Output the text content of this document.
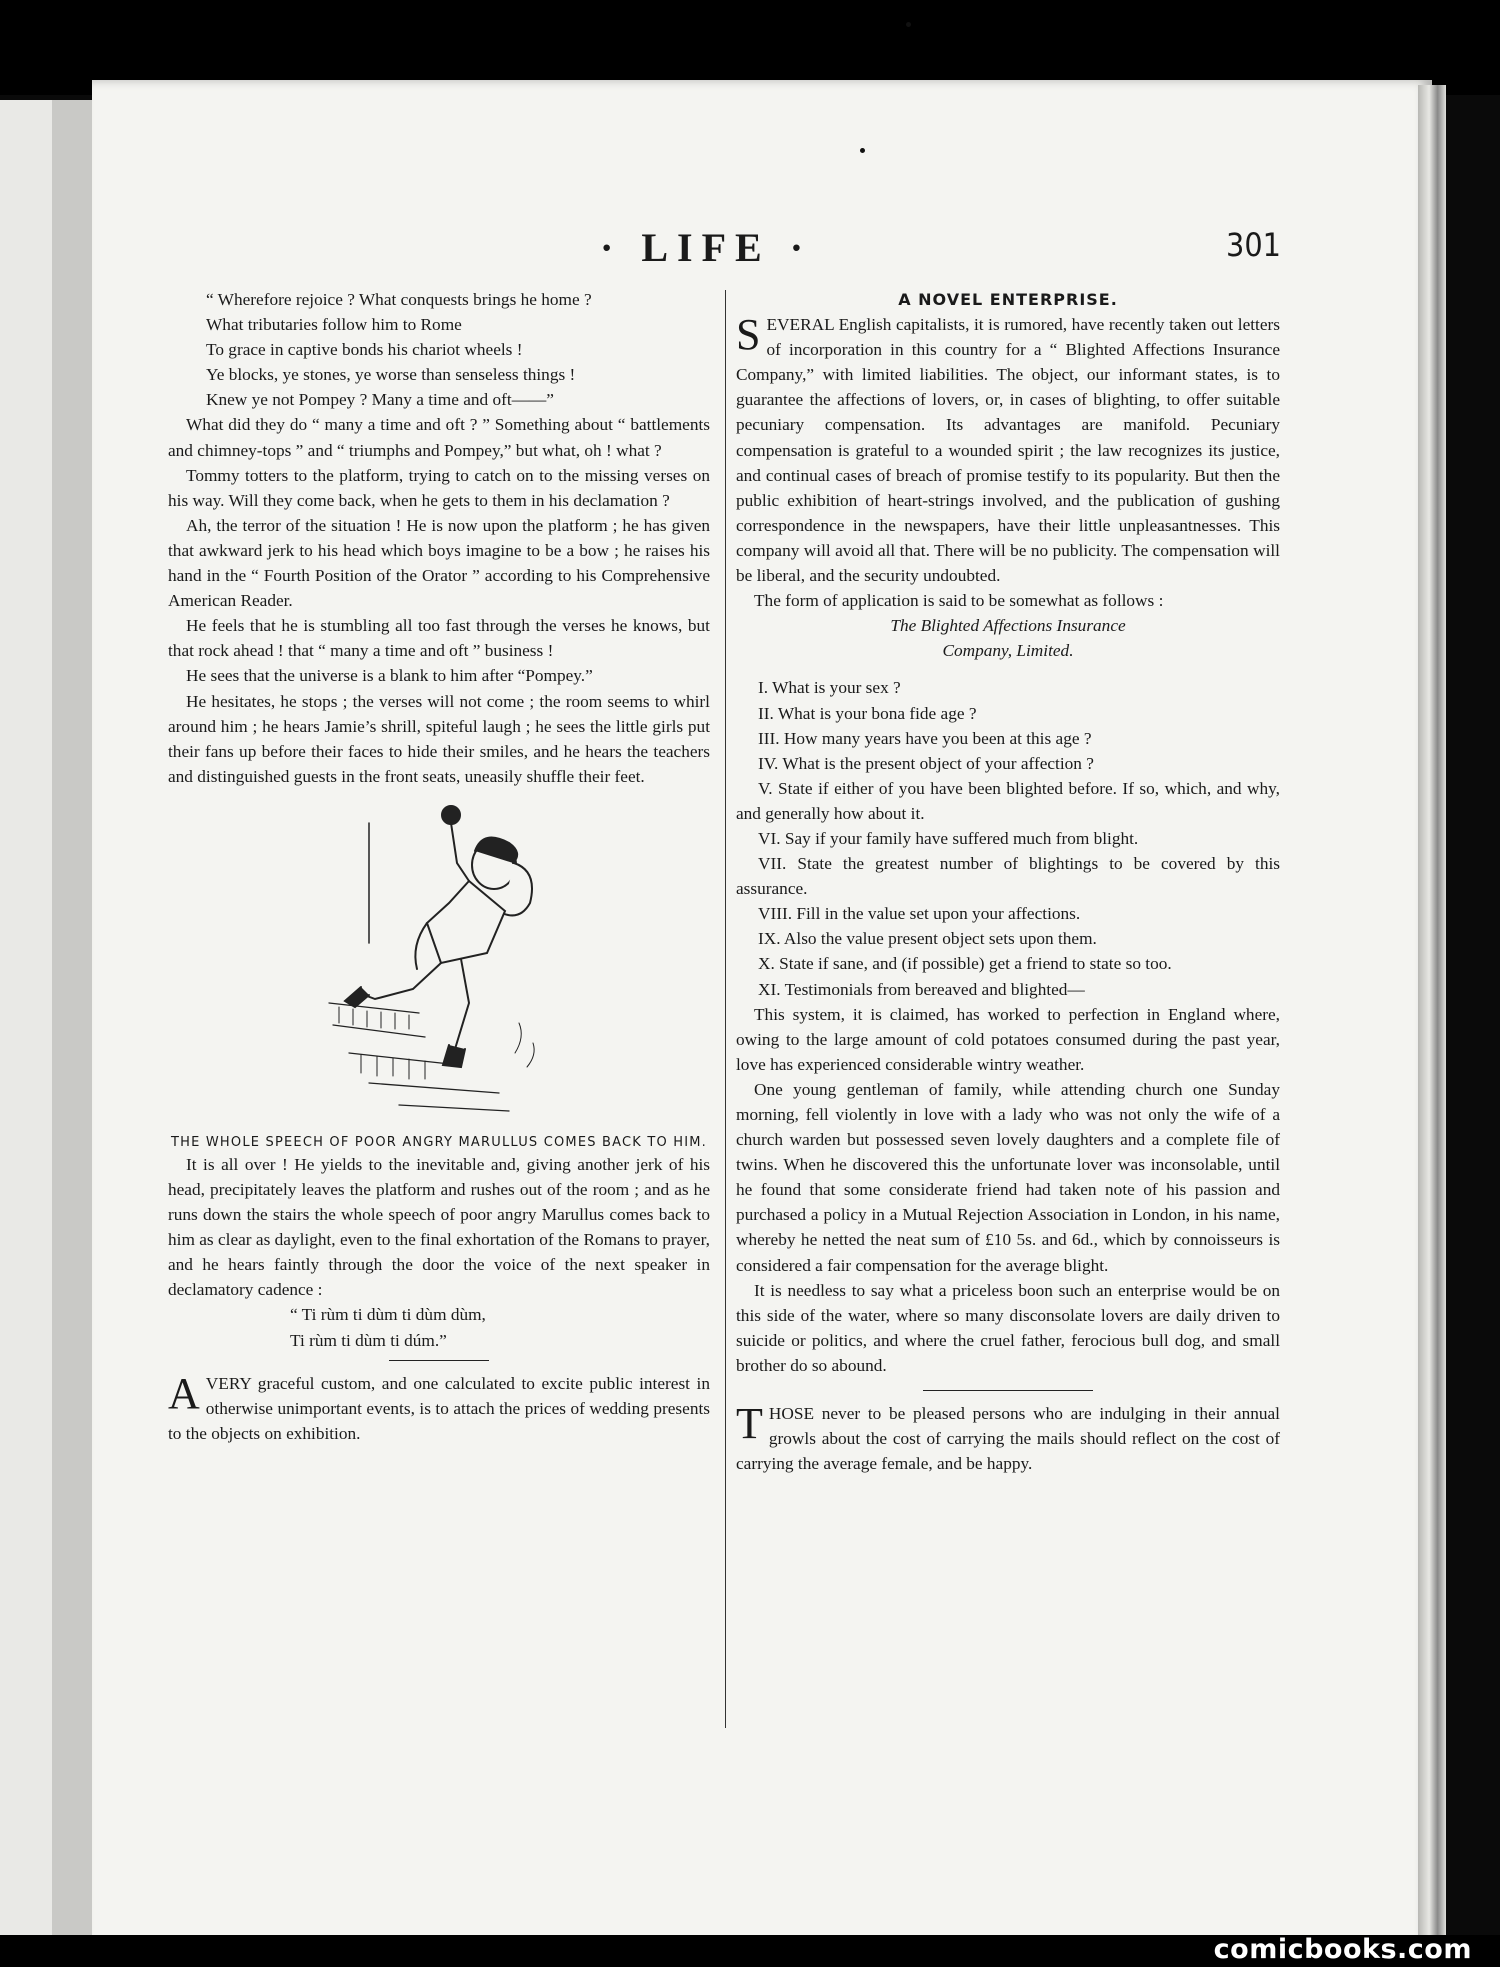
· LIFE ·	301

“ Wherefore rejoice ? What conquests brings he home ?

What tributaries follow him to Rome

To grace in captive bonds his chariot wheels !

Ye blocks, ye stones, ye worse than senseless things !

Knew ye not Pompey ? Many a time and oft——”

What did they do “ many a time and oft ? ” Something about “ battlements and chimney-tops ” and “ triumphs and Pompey,” but what, oh ! what ?

Tommy totters to the platform, trying to catch on to the missing verses on his way. Will they come back, when he gets to them in his declamation ?

Ah, the terror of the situation ! He is now upon the platform ; he has given that awkward jerk to his head which boys imagine to be a bow ; he raises his hand in the “ Fourth Position of the Orator ” according to his Comprehensive American Reader.

He feels that he is stumbling all too fast through the verses he knows, but that rock ahead ! that “ many a time and oft ” business !

He sees that the universe is a blank to him after “Pompey.”

He hesitates, he stops ; the verses will not come ; the room seems to whirl around him ; he hears Jamie’s shrill, spiteful laugh ; he sees the little girls put their fans up before their faces to hide their smiles, and he hears the teachers and distinguished guests in the front seats, uneasily shuffle their feet.

THE WHOLE SPEECH OF POOR ANGRY MARULLUS COMES BACK TO HIM.

It is all over ! He yields to the inevitable and, giving another jerk of his head, precipitately leaves the platform and rushes out of the room ; and as he runs down the stairs the whole speech of poor angry Marullus comes back to him as clear as daylight, even to the final exhortation of the Romans to prayer, and he hears faintly through the door the voice of the next speaker in declamatory cadence :

“ Ti rùm ti dùm ti dùm dùm,

Ti rùm ti dùm ti dúm.”

AVERY graceful custom, and one calculated to excite public interest in otherwise unimportant events, is to attach the prices of wedding presents to the objects on exhibition.

A NOVEL ENTERPRISE.

SEVERAL English capitalists, it is rumored, have recently taken out letters of incorporation in this country for a “ Blighted Affections Insurance Company,” with limited liabilities. The object, our informant states, is to guarantee the affections of lovers, or, in cases of blighting, to offer suitable pecuniary compensation. Its advantages are manifold. Pecuniary compensation is grateful to a wounded spirit ; the law recognizes its justice, and continual cases of breach of promise testify to its popularity. But then the public exhibition of heart-strings involved, and the publication of gushing correspondence in the newspapers, have their little unpleasantnesses. This company will avoid all that. There will be no publicity. The compensation will be liberal, and the security undoubted.

The form of application is said to be somewhat as follows :

The Blighted Affections Insurance

Company, Limited.

I. What is your sex ?

II. What is your bona fide age ?

III. How many years have you been at this age ?

IV. What is the present object of your affection ?

V. State if either of you have been blighted before. If so, which, and why, and generally how about it.

VI. Say if your family have suffered much from blight.

VII. State the greatest number of blightings to be covered by this assurance.

VIII. Fill in the value set upon your affections.

IX. Also the value present object sets upon them.

X. State if sane, and (if possible) get a friend to state so too.

XI. Testimonials from bereaved and blighted—

This system, it is claimed, has worked to perfection in England where, owing to the large amount of cold potatoes consumed during the past year, love has experienced considerable wintry weather.

One young gentleman of family, while attending church one Sunday morning, fell violently in love with a lady who was not only the wife of a church warden but possessed seven lovely daughters and a complete file of twins. When he discovered this the unfortunate lover was inconsolable, until he found that some considerate friend had taken note of his passion and purchased a policy in a Mutual Rejection Association in London, in his name, whereby he netted the neat sum of £10 5s. and 6d., which by connoisseurs is considered a fair compensation for the average blight.

It is needless to say what a priceless boon such an enterprise would be on this side of the water, where so many disconsolate lovers are daily driven to suicide or politics, and where the cruel father, ferocious bull dog, and small brother do so abound.

THOSE never to be pleased persons who are indulging in their annual growls about the cost of carrying the mails should reflect on the cost of carrying the average female, and be happy.

comicbooks.com
